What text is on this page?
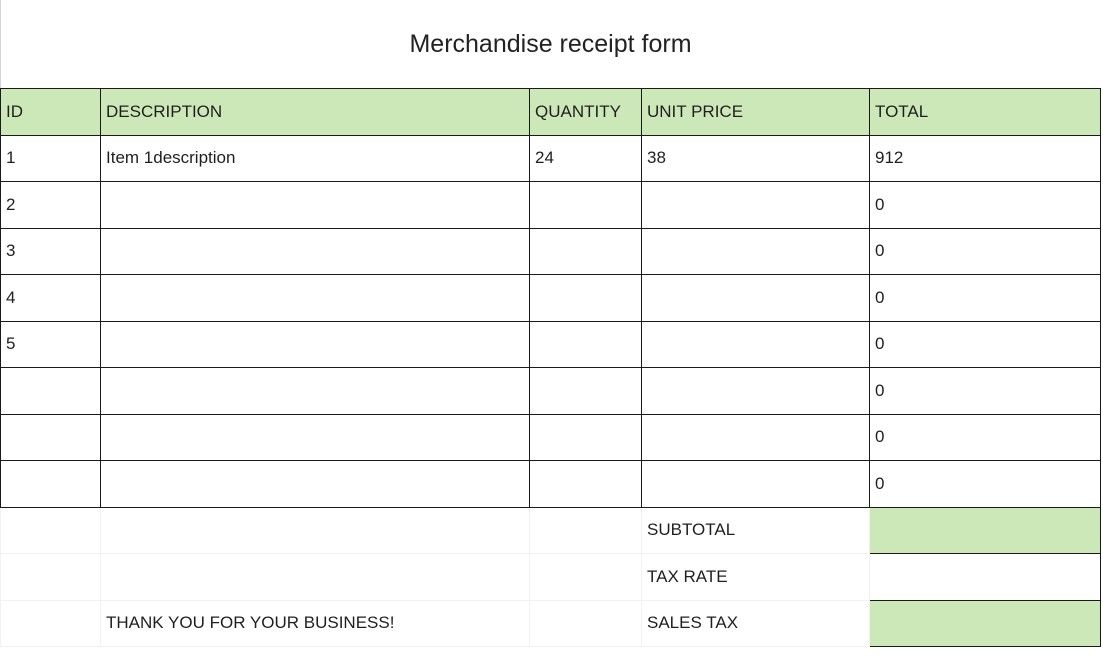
Merchandise receipt form
ID	DESCRIPTION	QUANTITY	UNIT PRICE	TOTAL
1	Item 1description	24	38	912
2				0
3				0
4				0
5				0
				0
				0
				0
			SUBTOTAL	
			TAX RATE	
	THANK YOU FOR YOUR BUSINESS!		SALES TAX	
